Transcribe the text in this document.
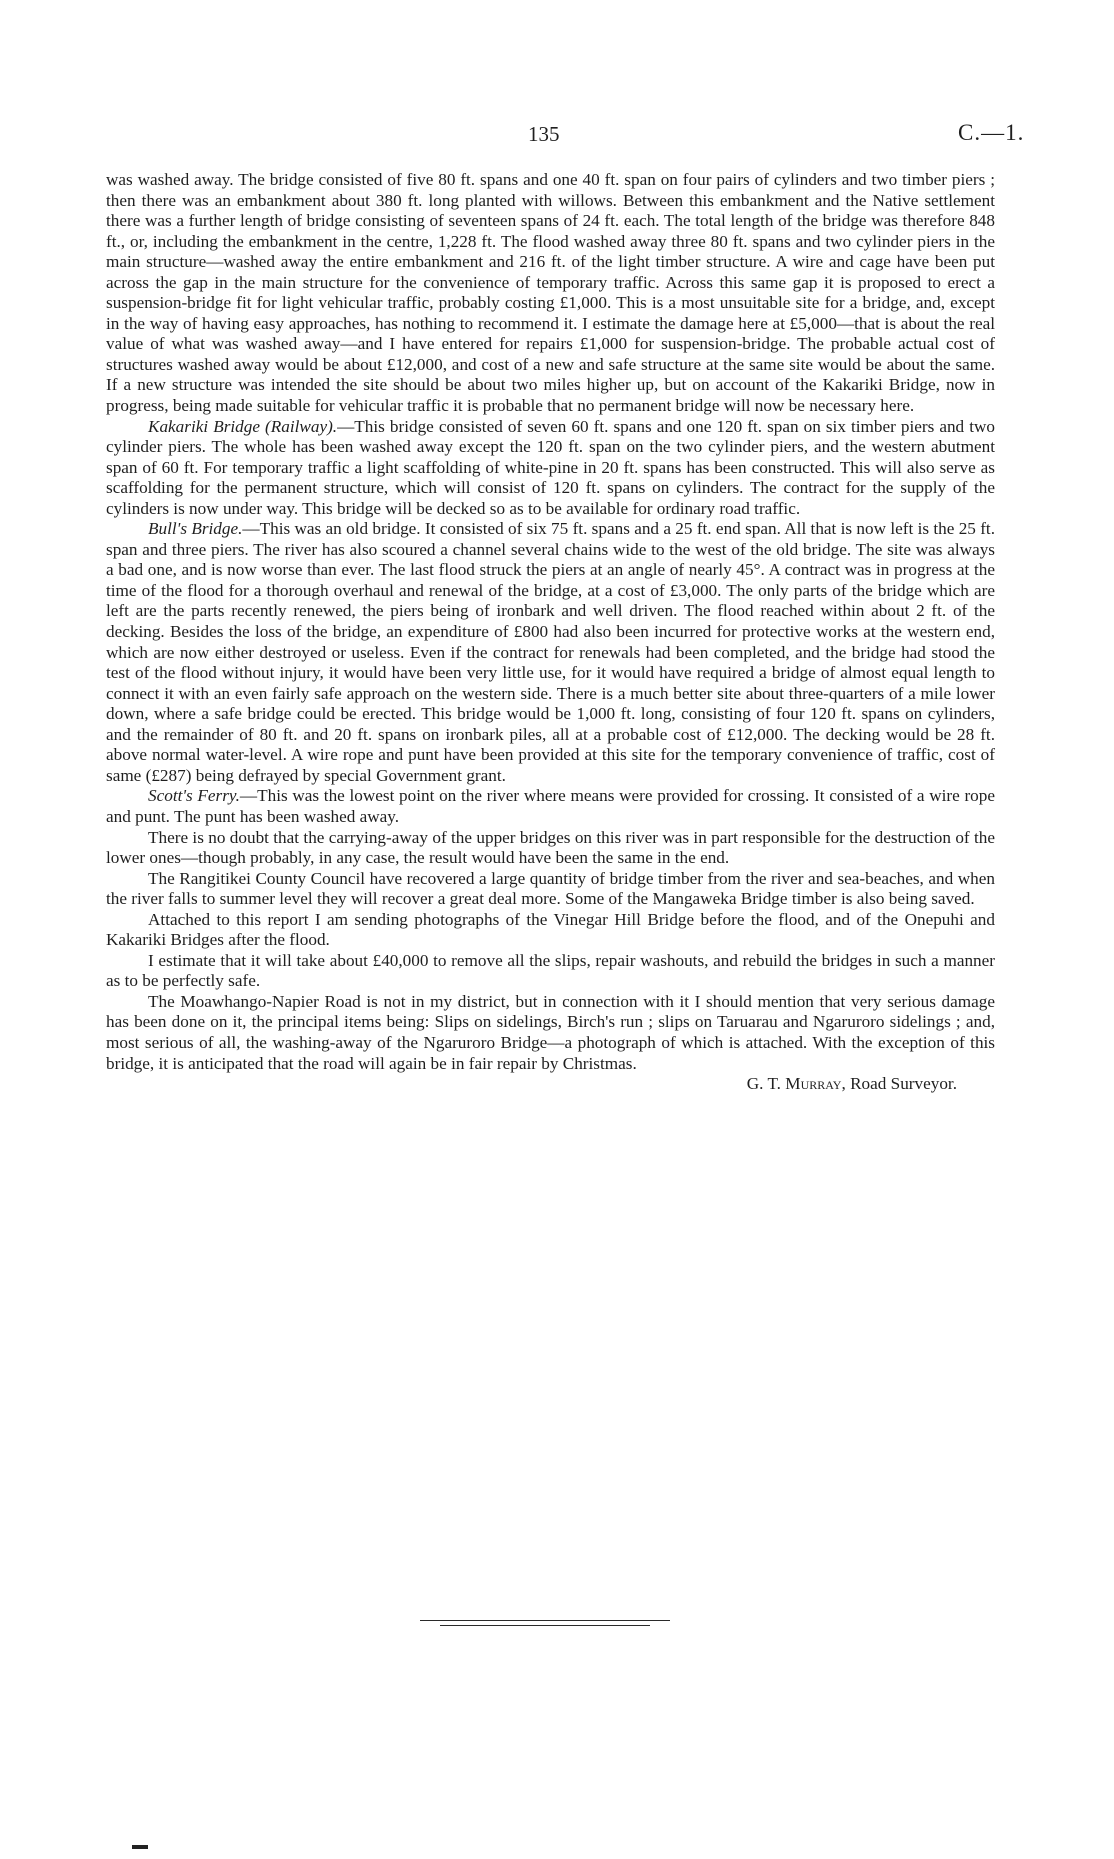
135	C.—1.

was washed away. The bridge consisted of five 80 ft. spans and one 40 ft. span on four pairs of cylinders and two timber piers ; then there was an embankment about 380 ft. long planted with willows. Between this embankment and the Native settlement there was a further length of bridge consisting of seventeen spans of 24 ft. each. The total length of the bridge was therefore 848 ft., or, including the embankment in the centre, 1,228 ft. The flood washed away three 80 ft. spans and two cylinder piers in the main structure—washed away the entire embankment and 216 ft. of the light timber structure. A wire and cage have been put across the gap in the main structure for the convenience of temporary traffic. Across this same gap it is proposed to erect a suspension-bridge fit for light vehicular traffic, probably costing £1,000. This is a most unsuitable site for a bridge, and, except in the way of having easy approaches, has nothing to recommend it. I estimate the damage here at £5,000—that is about the real value of what was washed away—and I have entered for repairs £1,000 for suspension-bridge. The probable actual cost of structures washed away would be about £12,000, and cost of a new and safe structure at the same site would be about the same. If a new structure was intended the site should be about two miles higher up, but on account of the Kakariki Bridge, now in progress, being made suitable for vehicular traffic it is probable that no permanent bridge will now be necessary here.

Kakariki Bridge (Railway).—This bridge consisted of seven 60 ft. spans and one 120 ft. span on six timber piers and two cylinder piers. The whole has been washed away except the 120 ft. span on the two cylinder piers, and the western abutment span of 60 ft. For temporary traffic a light scaffolding of white-pine in 20 ft. spans has been constructed. This will also serve as scaffolding for the permanent structure, which will consist of 120 ft. spans on cylinders. The contract for the supply of the cylinders is now under way. This bridge will be decked so as to be available for ordinary road traffic.

Bull's Bridge.—This was an old bridge. It consisted of six 75 ft. spans and a 25 ft. end span. All that is now left is the 25 ft. span and three piers. The river has also scoured a channel several chains wide to the west of the old bridge. The site was always a bad one, and is now worse than ever. The last flood struck the piers at an angle of nearly 45°. A contract was in progress at the time of the flood for a thorough overhaul and renewal of the bridge, at a cost of £3,000. The only parts of the bridge which are left are the parts recently renewed, the piers being of ironbark and well driven. The flood reached within about 2 ft. of the decking. Besides the loss of the bridge, an expenditure of £800 had also been incurred for protective works at the western end, which are now either destroyed or useless. Even if the contract for renewals had been completed, and the bridge had stood the test of the flood without injury, it would have been very little use, for it would have required a bridge of almost equal length to connect it with an even fairly safe approach on the western side. There is a much better site about three-quarters of a mile lower down, where a safe bridge could be erected. This bridge would be 1,000 ft. long, consisting of four 120 ft. spans on cylinders, and the remainder of 80 ft. and 20 ft. spans on ironbark piles, all at a probable cost of £12,000. The decking would be 28 ft. above normal water-level. A wire rope and punt have been provided at this site for the temporary convenience of traffic, cost of same (£287) being defrayed by special Government grant.

Scott's Ferry.—This was the lowest point on the river where means were provided for crossing. It consisted of a wire rope and punt. The punt has been washed away.

There is no doubt that the carrying-away of the upper bridges on this river was in part responsible for the destruction of the lower ones—though probably, in any case, the result would have been the same in the end.

The Rangitikei County Council have recovered a large quantity of bridge timber from the river and sea-beaches, and when the river falls to summer level they will recover a great deal more. Some of the Mangaweka Bridge timber is also being saved.

Attached to this report I am sending photographs of the Vinegar Hill Bridge before the flood, and of the Onepuhi and Kakariki Bridges after the flood.

I estimate that it will take about £40,000 to remove all the slips, repair washouts, and rebuild the bridges in such a manner as to be perfectly safe.

The Moawhango-Napier Road is not in my district, but in connection with it I should mention that very serious damage has been done on it, the principal items being: Slips on sidelings, Birch's run ; slips on Taruarau and Ngaruroro sidelings ; and, most serious of all, the washing-away of the Ngaruroro Bridge—a photograph of which is attached. With the exception of this bridge, it is anticipated that the road will again be in fair repair by Christmas.

G. T. Murray, Road Surveyor.
